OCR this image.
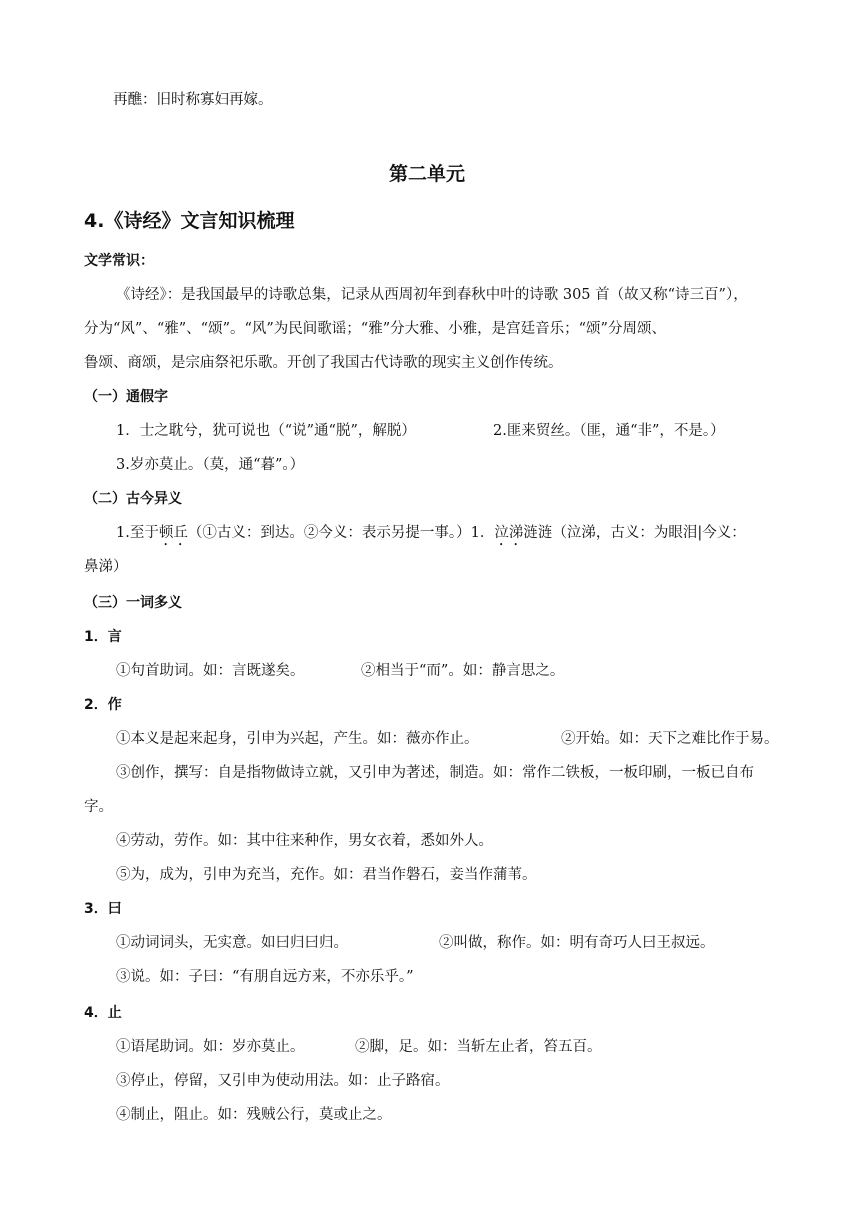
再醮：旧时称寡妇再嫁。
第二单元
4.《诗经》文言知识梳理
文学常识：
《诗经》：是我国最早的诗歌总集，记录从西周初年到春秋中叶的诗歌 305 首（故又称“诗三百”），
分为“风”、“雅”、“颂”。“风”为民间歌谣；“雅”分大雅、小雅，是宫廷音乐；“颂”分周颂、
鲁颂、商颂，是宗庙祭祀乐歌。开创了我国古代诗歌的现实主义创作传统。
（一）通假字
1．士之耽兮，犹可说也（“说”通“脱”，解脱）	2.匪来贸丝。（匪，通“非”，不是。）
3.岁亦莫止。（莫，通“暮”。）
（二）古今异义
1.至于顿丘（①古义：到达。②今义：表示另提一事。）1．泣涕涟涟（泣涕，古义：为眼泪|今义：
鼻涕）
（三）一词多义
1．言
①句首助词。如：言既遂矣。	②相当于“而”。如：静言思之。
2．作
①本义是起来起身，引申为兴起，产生。如：薇亦作止。	②开始。如：天下之难比作于易。
③创作，撰写：自是指物做诗立就，又引申为著述，制造。如：常作二铁板，一板印刷，一板已自布
字。
④劳动，劳作。如：其中往来种作，男女衣着，悉如外人。
⑤为，成为，引申为充当，充作。如：君当作磐石，妾当作蒲苇。
3．曰
①动词词头，无实意。如曰归曰归。	②叫做，称作。如：明有奇巧人曰王叔远。
③说。如：子曰：“有朋自远方来，不亦乐乎。”
4．止
①语尾助词。如：岁亦莫止。	②脚，足。如：当斩左止者，笞五百。
③停止，停留，又引申为使动用法。如：止子路宿。
④制止，阻止。如：残贼公行，莫或止之。
